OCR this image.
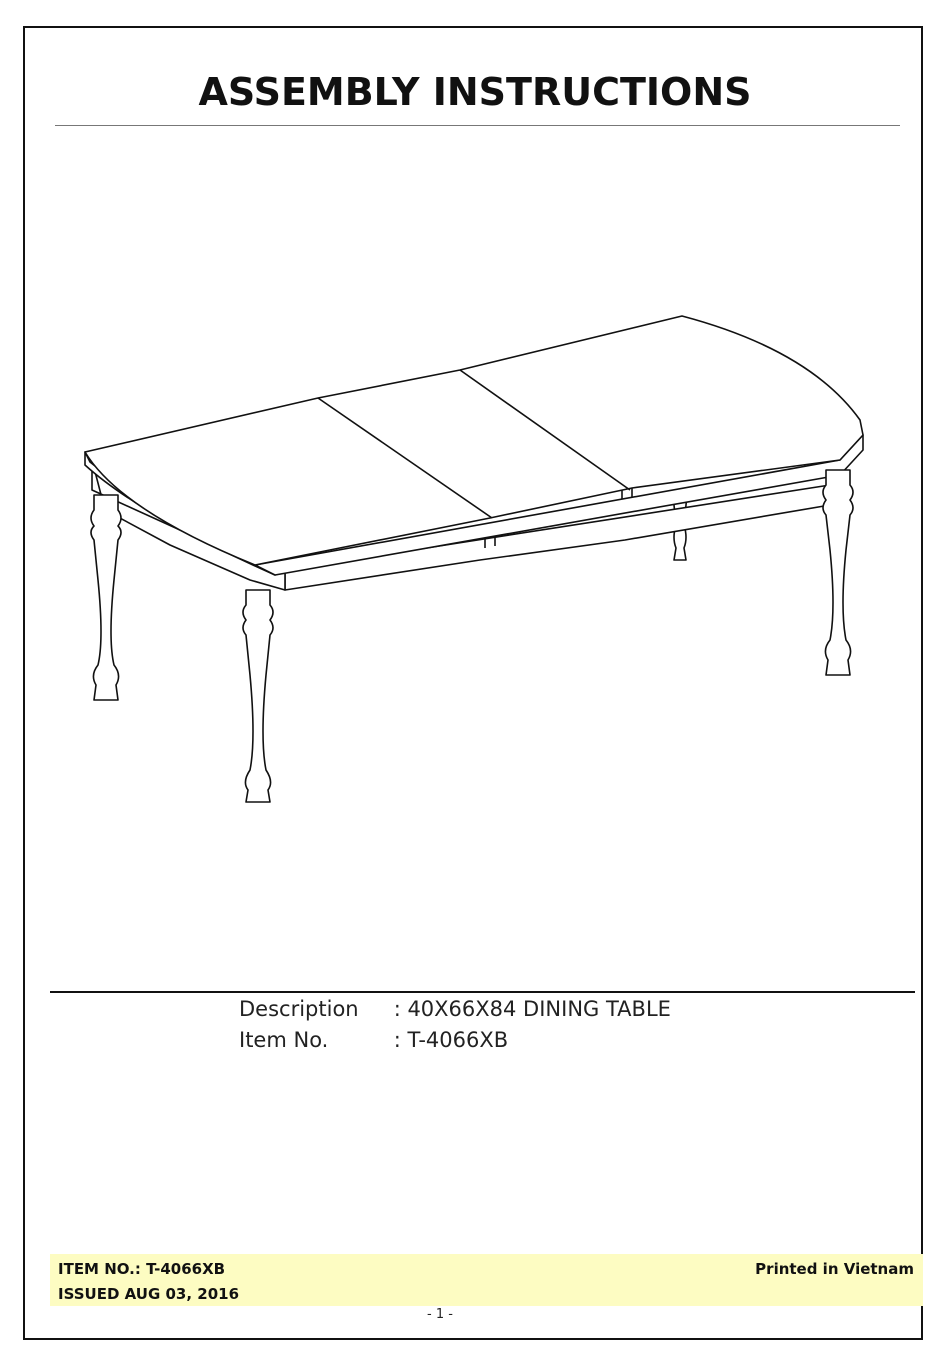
ASSEMBLY INSTRUCTIONS
Description : 40X66X84 DINING TABLE
Item No.	: T-4066XB
ITEM NO.: T-4066XB
ISSUED AUG 03, 2016
Printed in Vietnam
- 1 -
